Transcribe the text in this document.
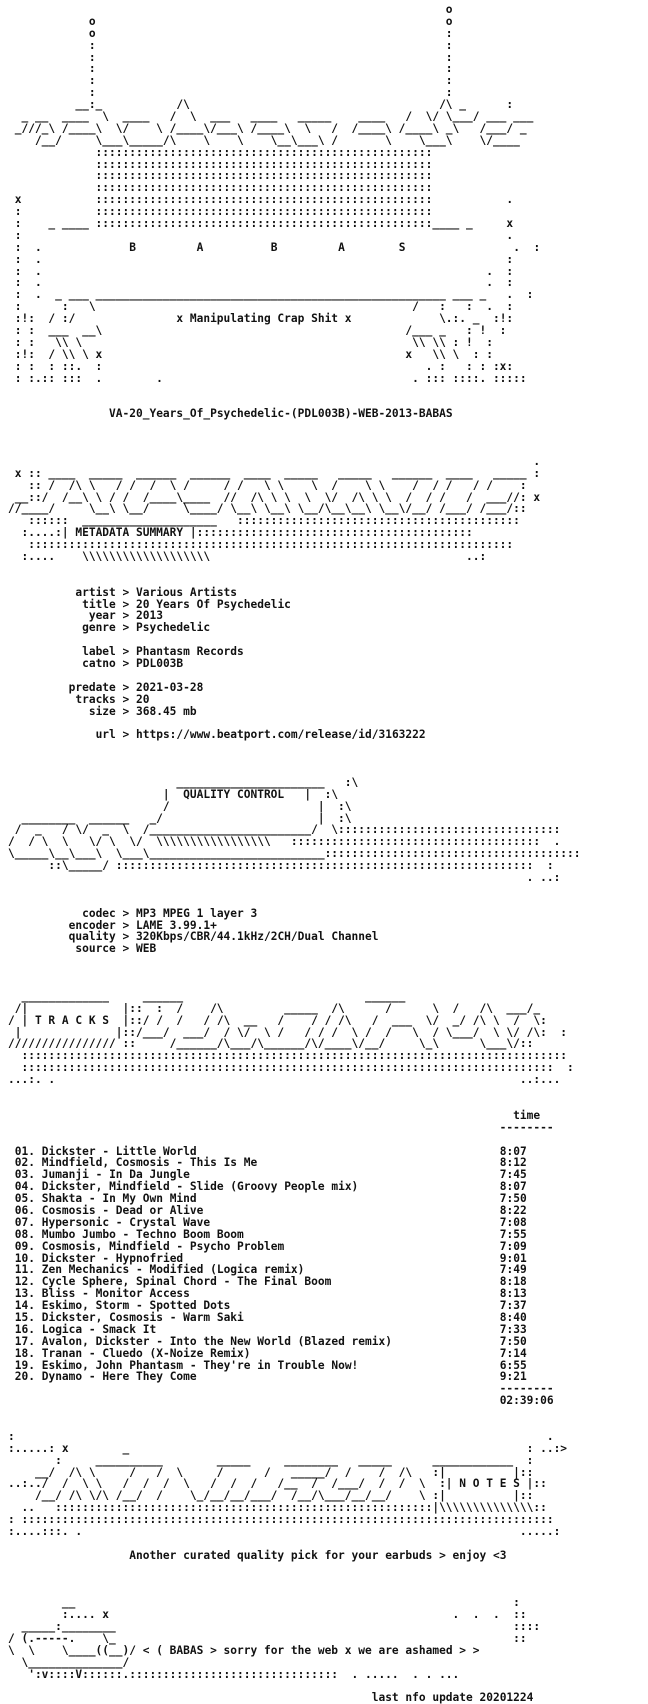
o
o                                                    o
o                                                    :
:                                                    :
:                                                    :
:                                                    :
:                                                    :
:                                                    :
__:_           /\                                     /\ _      :
_ __  ____  \  ____   /  \  ___   ____   _____    ____   /  \/ \___/ ___ ___
_///_\ /____\  \/    \ /____\/___\ /____\  \   /  /____\ /____\ _\   /___/ _
/__/     \___\_____/\    \    \    \__\___\ /       \    \___\    \/____
::::::::::::::::::::::::::::::::::::::::::::::::::
::::::::::::::::::::::::::::::::::::::::::::::::::
::::::::::::::::::::::::::::::::::::::::::::::::::
::::::::::::::::::::::::::::::::::::::::::::::::::
x           ::::::::::::::::::::::::::::::::::::::::::::::::::           .
:           ::::::::::::::::::::::::::::::::::::::::::::::::::
:    _ ____ ::::::::::::::::::::::::::::::::::::::::::::::::::____ _     x
:                                                                        .
:  .             B	A	B	A	S                .  :
:  .                                                                     :
:  .                                                                  .  :
:  .                                                                  .  :
:  .  _ ___ ____________________________________________________ ___ _   .  :
:      :   \                                               /   :   :  .  :
:!:  / :/               x Manipulating Crap Shit x             \.:. _  :!:
: :  ___  __\                                             /___ _   : !  :
: :   \\ \                                                 \\ \\ : !  :
:!:  / \\ \ x                                             x   \\ \  : :
: :  : ::.  :                                                . :   : : :x:
: :.:: :::  .        .                                     . ::: ::::. :::::

VA-20_Years_Of_Psychedelic-(PDL003B)-WEB-2013-BABAS

.
x :: ____  _____  ______  ______  ____  _____   _____   ______  ____   _____ :
:: /  /\ \   / /  /  \ /     / /   \ \    \  /    \ \    /  / /   / /    :
__::/  /__\ \ / /  /____\____  //  /\ \ \  \  \/  /\ \ \  /  / /   /  ___//: x
//____/     \__\ \__/     \____/ \__\ \__\ \__/\__\__\ \__\/__/ /___/ /___/::
::::::  ____________________   ::::::::::::::::::::::::::::::::::::::::::
:....:| METADATA SUMMARY |:::::::::::::::::::::::::::::::::::::::::
::::::::::::::::::::::::::::::::::::::::::::::::::::::::::::::::::::::::
:....    \\\\\\\\\\\\\\\\\\\                                      ..:

artist > Various Artists
title > 20 Years Of Psychedelic
year > 2013
genre > Psychedelic

label > Phantasm Records
catno > PDL003B

predate > 2021-03-28
tracks > 20
size > 368.45 mb

url > https://www.beatport.com/release/id/3163222

______________________   :\
|  QUALITY CONTROL   |  :\
/                      |  :\
________  ______   _/                       |  :\
/  _   / \/  _  \  /________________________/  \:::::::::::::::::::::::::::::::::
/  / \  \   \/ \  \/  \\\\\\\\\\\\\\\\\   :::::::::::::::::::::::::::::::::::::  .
\_____\__\___\  \___\__________________________::::::::::::::::::::::::::::::::::::::
::\_____/ ::::::::::::::::::::::::::::::::::::::::::::::::::::::::::::::  :
. ..:

codec > MP3 MPEG 1 layer 3
encoder > LAME 3.99.1+
quality > 320Kbps/CBR/44.1kHz/2CH/Dual Channel
source > WEB

_____________     ______                           ______
/|              |::  :  /    /\         _____  /\      /      \  /   /\  ___/_
/ | T R A C K S  |::/ /  /   / /\  __   /    / / /\   /  ___  \/  _/ /\ \  /  \:
|              |::/___/  ___/  / \/  \ /   / / /  \ /  /   \  / \___/  \ \/ /\:  :
//////////////// ::     /______/\___/\______/\/____\/__/     \_\      \___\/::
:::::::::::::::::::::::::::::::::::::::::::::::::::::::::::::::::::::::::::::::::
:::::::::::::::::::::::::::::::::::::::::::::::::::::::::::::::::::::::::::::::  :
...:. .                                                                     ..:...

time
--------

01. Dickster - Little World	8:07
02. Mindfield, Cosmosis - This Is Me	8:12
03. Jumanji - In Da Jungle	7:45
04. Dickster, Mindfield - Slide (Groovy People mix)	8:07
05. Shakta - In My Own Mind	7:50
06. Cosmosis - Dead or Alive	8:22
07. Hypersonic - Crystal Wave	7:08
08. Mumbo Jumbo - Techno Boom Boom	7:55
09. Cosmosis, Mindfield - Psycho Problem	7:09
10. Dickster - Hypnofried	9:01
11. Zen Mechanics - Modified (Logica remix)	7:49
12. Cycle Sphere, Spinal Chord - The Final Boom	8:18
13. Bliss - Monitor Access	8:13
14. Eskimo, Storm - Spotted Dots	7:37
15. Dickster, Cosmosis - Warm Saki	8:40
16. Logica - Smack It	7:33
17. Avalon, Dickster - Into the New World (Blazed remix)	7:50
18. Tranan - Cluedo (X-Noize Remix)	7:14
19. Eskimo, John Phantasm - They're in Trouble Now!	6:55
20. Dynamo - Here They Come	9:21
--------
02:39:06

:                                                                               .
:.....: x        _                                                           : ..:>
:     __________        _____     ________   _____      ____________  :
__/  /\ \     /   /  \     /      /   _____/  /    /  /\   :|          |::
..:../  /  \ \   /  /  /  \   /  /  /   /__  /  /___/  /  /  \  :| N O T E S |::
/__/ /\ \/\ /__/  /    \_/__/__/___/  /__/\___/__/__/    \ :|          |::
..   ::::::::::::::::::::::::::::::::::::::::::::::::::::::::|\\\\\\\\\\\\\\::
: :::::::::::::::::::::::::::::::::::::::::::::::::::::::::::::::::::::::::::::::
:....:::. .                                                                 .....:

Another curated quality pick for your earbuds > enjoy <3

__                                                                 :
:.... x                                                   .  .  .  ::
_____:________                                                           ::::
/ (.-----.    \_                                                           ::
\  \    \____((__)/ < ( BABAS > sorry for the web x we are ashamed > >
\______________/
':v::::V::::::.:::::::::::::::::::::::::::::::  . .....  . . ...

last nfo update 20201224
